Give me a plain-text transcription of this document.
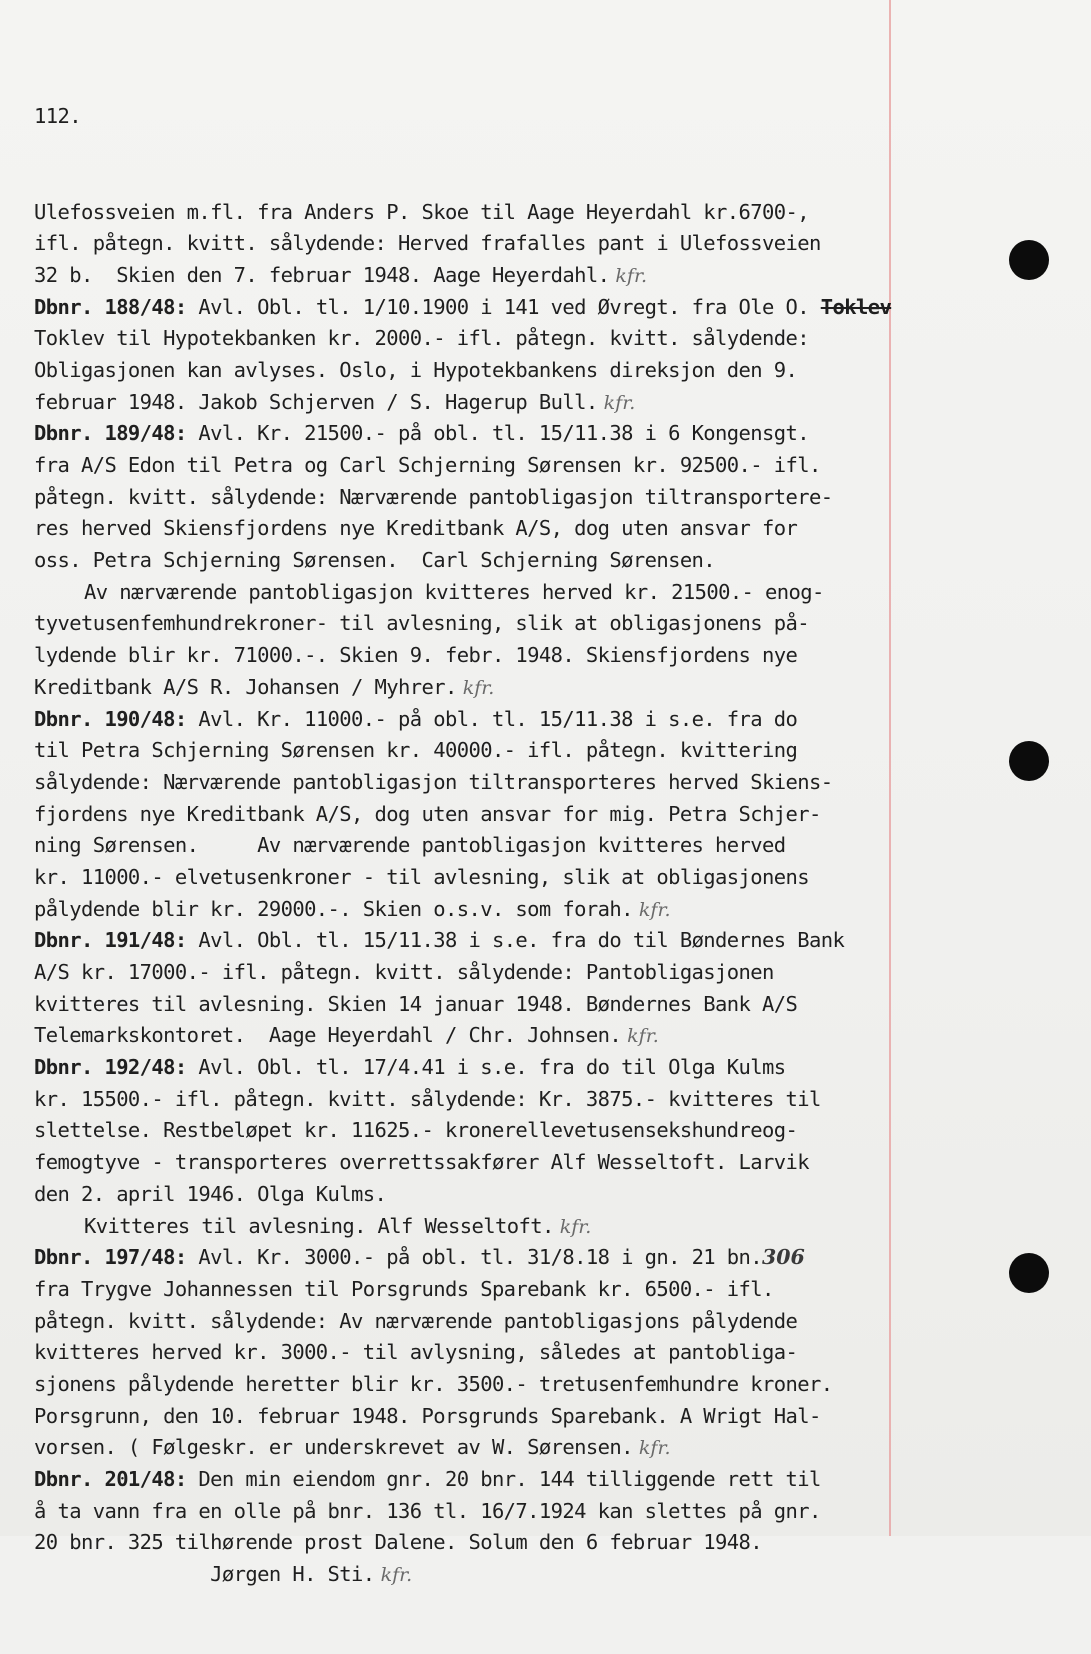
112.

Ulefossveien m.fl. fra Anders P. Skoe til Aage Heyerdahl kr.6700-,
ifl. påtegn. kvitt. sålydende: Herved frafalles pant i Ulefossveien
32 b.  Skien den 7. februar 1948. Aage Heyerdahl. kfr.
Dbnr. 188/48: Avl. Obl. tl. 1/10.1900 i 141 ved Øvregt. fra Ole O. Toklev
Toklev til Hypotekbanken kr. 2000.- ifl. påtegn. kvitt. sålydende:
Obligasjonen kan avlyses. Oslo, i Hypotekbankens direksjon den 9.
februar 1948. Jakob Schjerven / S. Hagerup Bull. kfr.
Dbnr. 189/48: Avl. Kr. 21500.- på obl. tl. 15/11.38 i 6 Kongensgt.
fra A/S Edon til Petra og Carl Schjerning Sørensen kr. 92500.- ifl.
påtegn. kvitt. sålydende: Nærværende pantobligasjon tiltransportere-
res herved Skiensfjordens nye Kreditbank A/S, dog uten ansvar for
oss. Petra Schjerning Sørensen.  Carl Schjerning Sørensen.
Av nærværende pantobligasjon kvitteres herved kr. 21500.- enog-
tyvetusenfemhundrekroner- til avlesning, slik at obligasjonens på-
lydende blir kr. 71000.-. Skien 9. febr. 1948. Skiensfjordens nye
Kreditbank A/S R. Johansen / Myhrer. kfr.
Dbnr. 190/48: Avl. Kr. 11000.- på obl. tl. 15/11.38 i s.e. fra do
til Petra Schjerning Sørensen kr. 40000.- ifl. påtegn. kvittering
sålydende: Nærværende pantobligasjon tiltransporteres herved Skiens-
fjordens nye Kreditbank A/S, dog uten ansvar for mig. Petra Schjer-
ning Sørensen.     Av nærværende pantobligasjon kvitteres herved
kr. 11000.- elvetusenkroner - til avlesning, slik at obligasjonens
pålydende blir kr. 29000.-. Skien o.s.v. som forah. kfr.
Dbnr. 191/48: Avl. Obl. tl. 15/11.38 i s.e. fra do til Bøndernes Bank
A/S kr. 17000.- ifl. påtegn. kvitt. sålydende: Pantobligasjonen
kvitteres til avlesning. Skien 14 januar 1948. Bøndernes Bank A/S
Telemarkskontoret.  Aage Heyerdahl / Chr. Johnsen. kfr.
Dbnr. 192/48: Avl. Obl. tl. 17/4.41 i s.e. fra do til Olga Kulms
kr. 15500.- ifl. påtegn. kvitt. sålydende: Kr. 3875.- kvitteres til
slettelse. Restbeløpet kr. 11625.- kronerellevetusensekshundreog-
femogtyve - transporteres overrettssakfører Alf Wesseltoft. Larvik
den 2. april 1946. Olga Kulms.
Kvitteres til avlesning. Alf Wesseltoft. kfr.
Dbnr. 197/48: Avl. Kr. 3000.- på obl. tl. 31/8.18 i gn. 21 bn.306
fra Trygve Johannessen til Porsgrunds Sparebank kr. 6500.- ifl.
påtegn. kvitt. sålydende: Av nærværende pantobligasjons pålydende
kvitteres herved kr. 3000.- til avlysning, således at pantobliga-
sjonens pålydende heretter blir kr. 3500.- tretusenfemhundre kroner.
Porsgrunn, den 10. februar 1948. Porsgrunds Sparebank. A Wrigt Hal-
vorsen. ( Følgeskr. er underskrevet av W. Sørensen. kfr.
Dbnr. 201/48: Den min eiendom gnr. 20 bnr. 144 tilliggende rett til
å ta vann fra en olle på bnr. 136 tl. 16/7.1924 kan slettes på gnr.
20 bnr. 325 tilhørende prost Dalene. Solum den 6 februar 1948.
Jørgen H. Sti. kfr.
